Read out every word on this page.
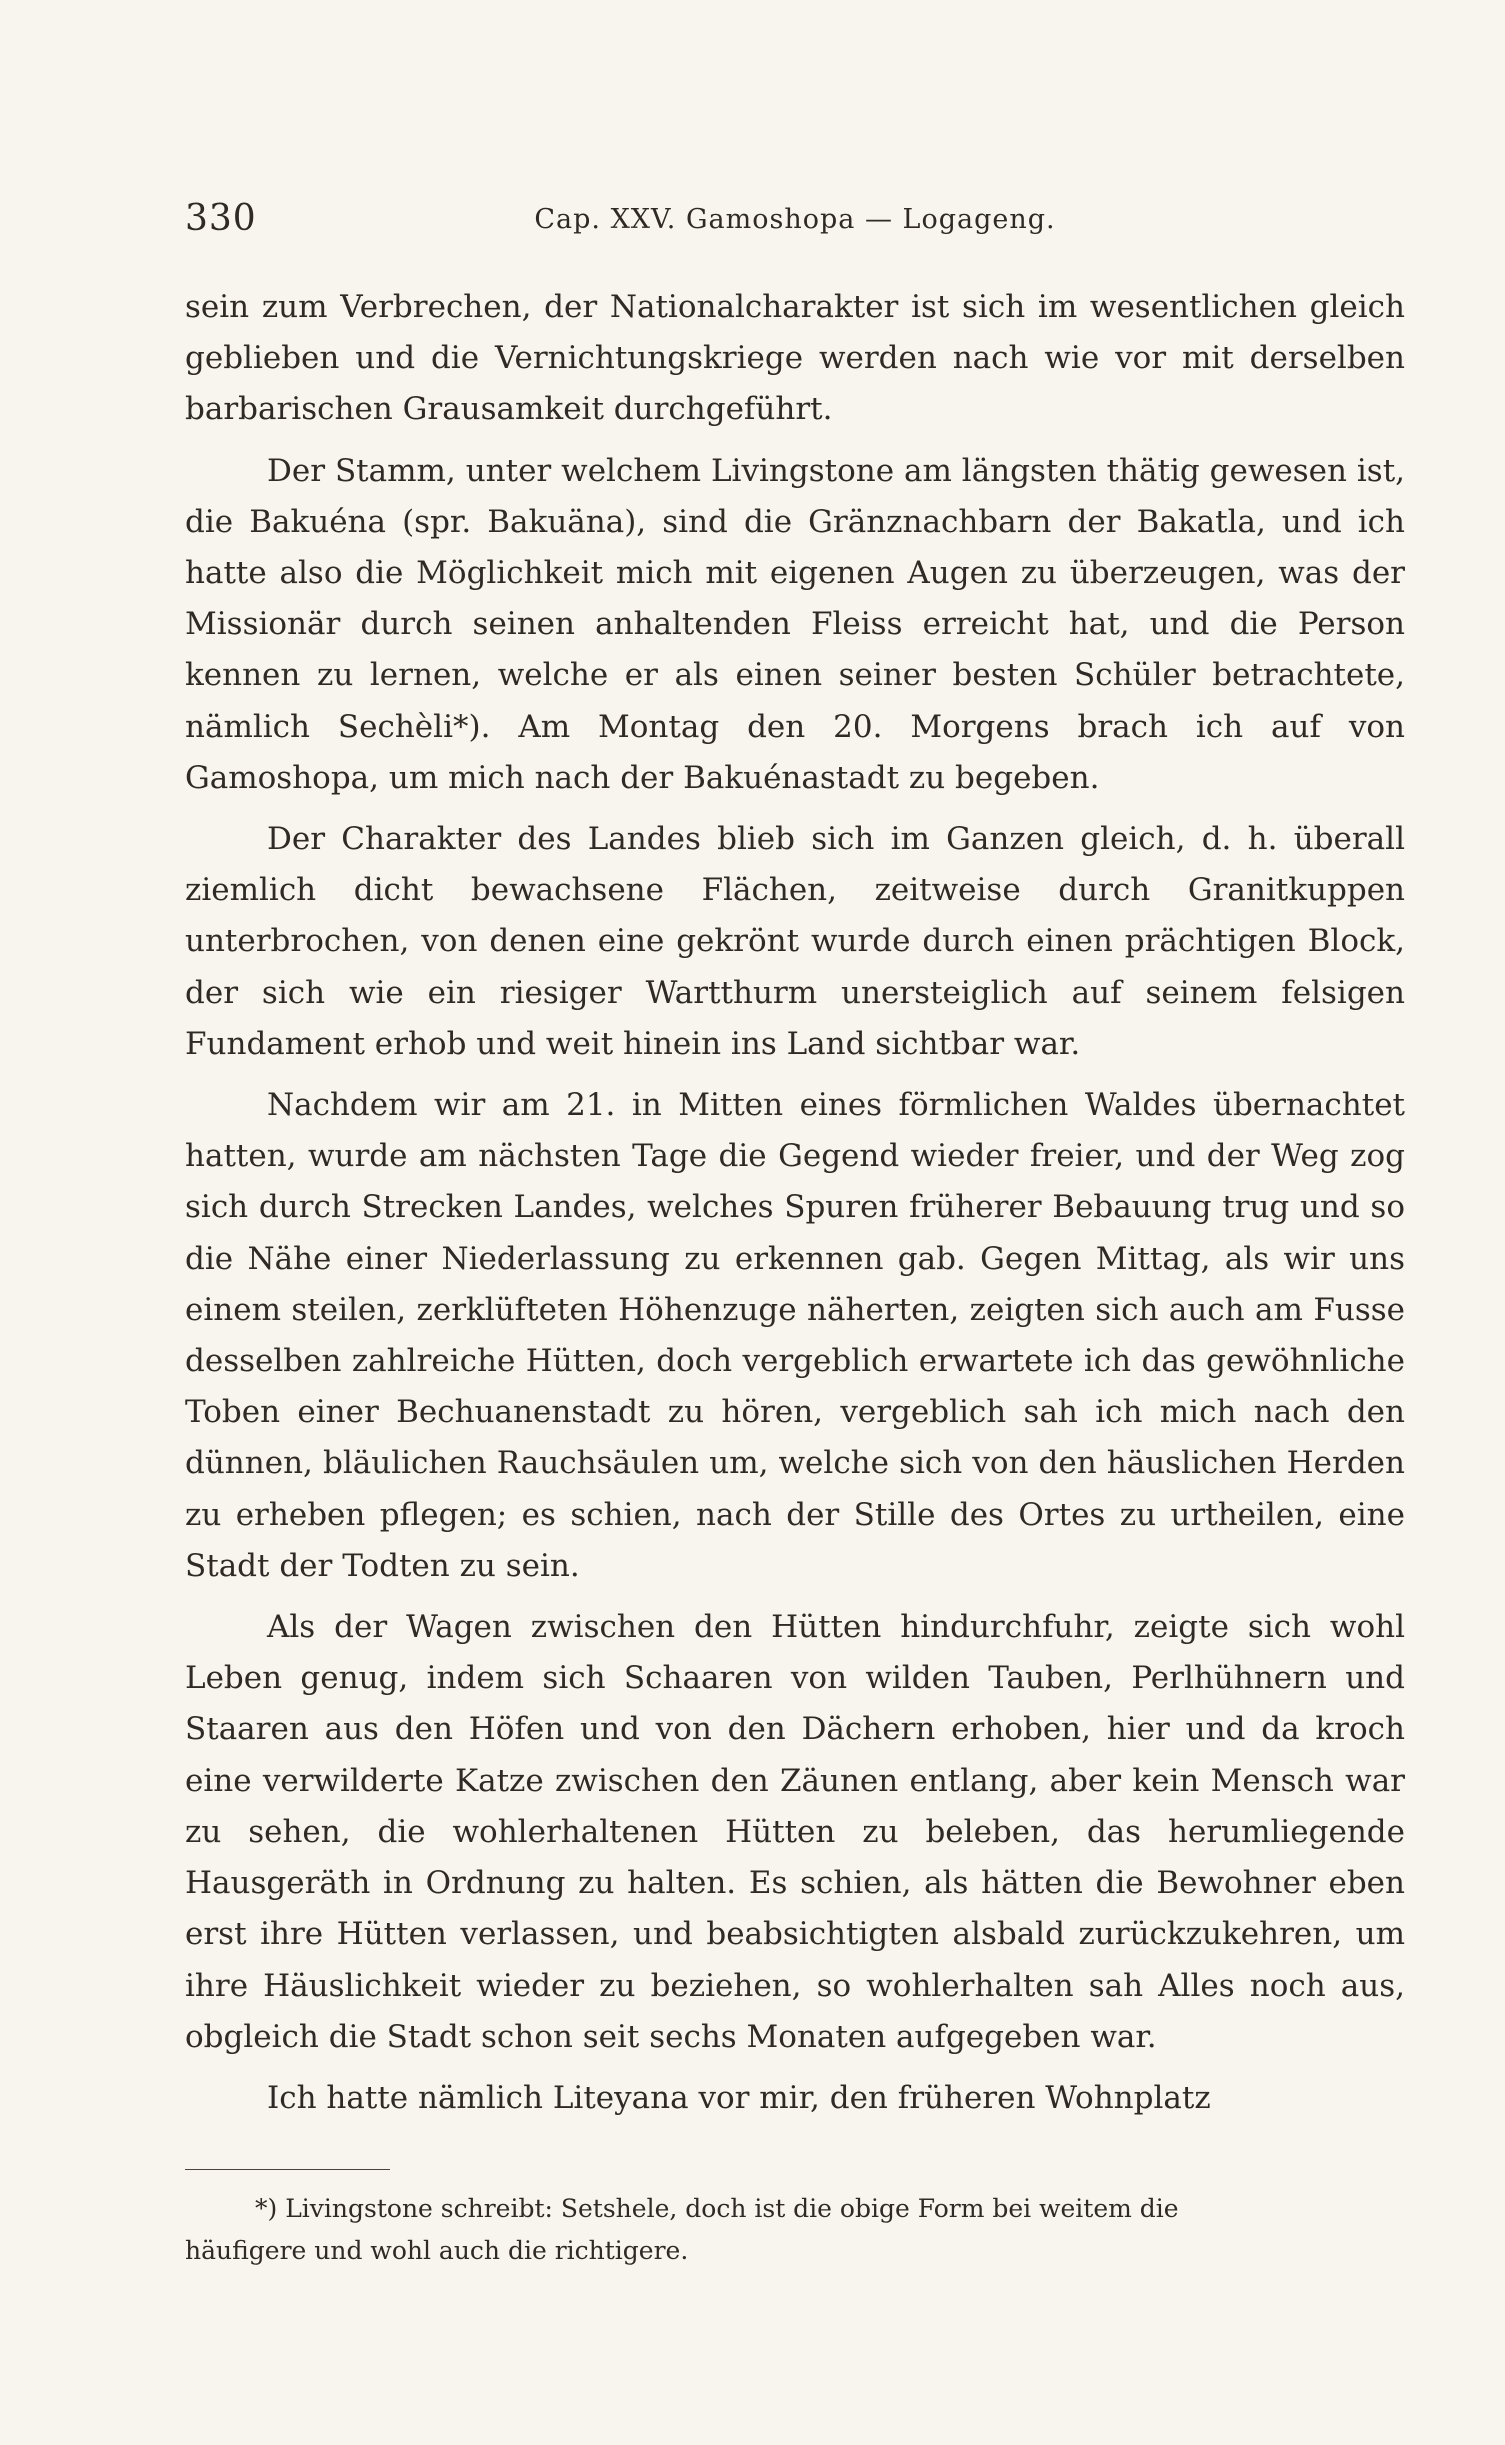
330	Cap. XXV. Gamoshopa — Logageng.

sein zum Verbrechen, der Nationalcharakter ist sich im wesentlichen gleich geblieben und die Vernichtungskriege werden nach wie vor mit derselben barbarischen Grausamkeit durchgeführt.

Der Stamm, unter welchem Livingstone am längsten thätig gewesen ist, die Bakuéna (spr. Bakuäna), sind die Gränznachbarn der Bakatla, und ich hatte also die Möglichkeit mich mit eigenen Augen zu überzeugen, was der Missionär durch seinen anhaltenden Fleiss erreicht hat, und die Person kennen zu lernen, welche er als einen seiner besten Schüler betrachtete, nämlich Sechèli*). Am Montag den 20. Morgens brach ich auf von Gamoshopa, um mich nach der Bakuénastadt zu begeben.

Der Charakter des Landes blieb sich im Ganzen gleich, d. h. überall ziemlich dicht bewachsene Flächen, zeitweise durch Granitkuppen unterbrochen, von denen eine gekrönt wurde durch einen prächtigen Block, der sich wie ein riesiger Wartthurm unersteiglich auf seinem felsigen Fundament erhob und weit hinein ins Land sichtbar war.

Nachdem wir am 21. in Mitten eines förmlichen Waldes übernachtet hatten, wurde am nächsten Tage die Gegend wieder freier, und der Weg zog sich durch Strecken Landes, welches Spuren früherer Bebauung trug und so die Nähe einer Niederlassung zu erkennen gab. Gegen Mittag, als wir uns einem steilen, zerklüfteten Höhenzuge näherten, zeigten sich auch am Fusse desselben zahlreiche Hütten, doch vergeblich erwartete ich das gewöhnliche Toben einer Bechuanenstadt zu hören, vergeblich sah ich mich nach den dünnen, bläulichen Rauchsäulen um, welche sich von den häuslichen Herden zu erheben pflegen; es schien, nach der Stille des Ortes zu urtheilen, eine Stadt der Todten zu sein.

Als der Wagen zwischen den Hütten hindurchfuhr, zeigte sich wohl Leben genug, indem sich Schaaren von wilden Tauben, Perlhühnern und Staaren aus den Höfen und von den Dächern erhoben, hier und da kroch eine verwilderte Katze zwischen den Zäunen entlang, aber kein Mensch war zu sehen, die wohlerhaltenen Hütten zu beleben, das herumliegende Hausgeräth in Ordnung zu halten. Es schien, als hätten die Bewohner eben erst ihre Hütten verlassen, und beabsichtigten alsbald zurückzukehren, um ihre Häuslichkeit wieder zu beziehen, so wohlerhalten sah Alles noch aus, obgleich die Stadt schon seit sechs Monaten aufgegeben war.

Ich hatte nämlich Liteyana vor mir, den früheren Wohnplatz

*) Livingstone schreibt: Setshele, doch ist die obige Form bei weitem die
häufigere und wohl auch die richtigere.
